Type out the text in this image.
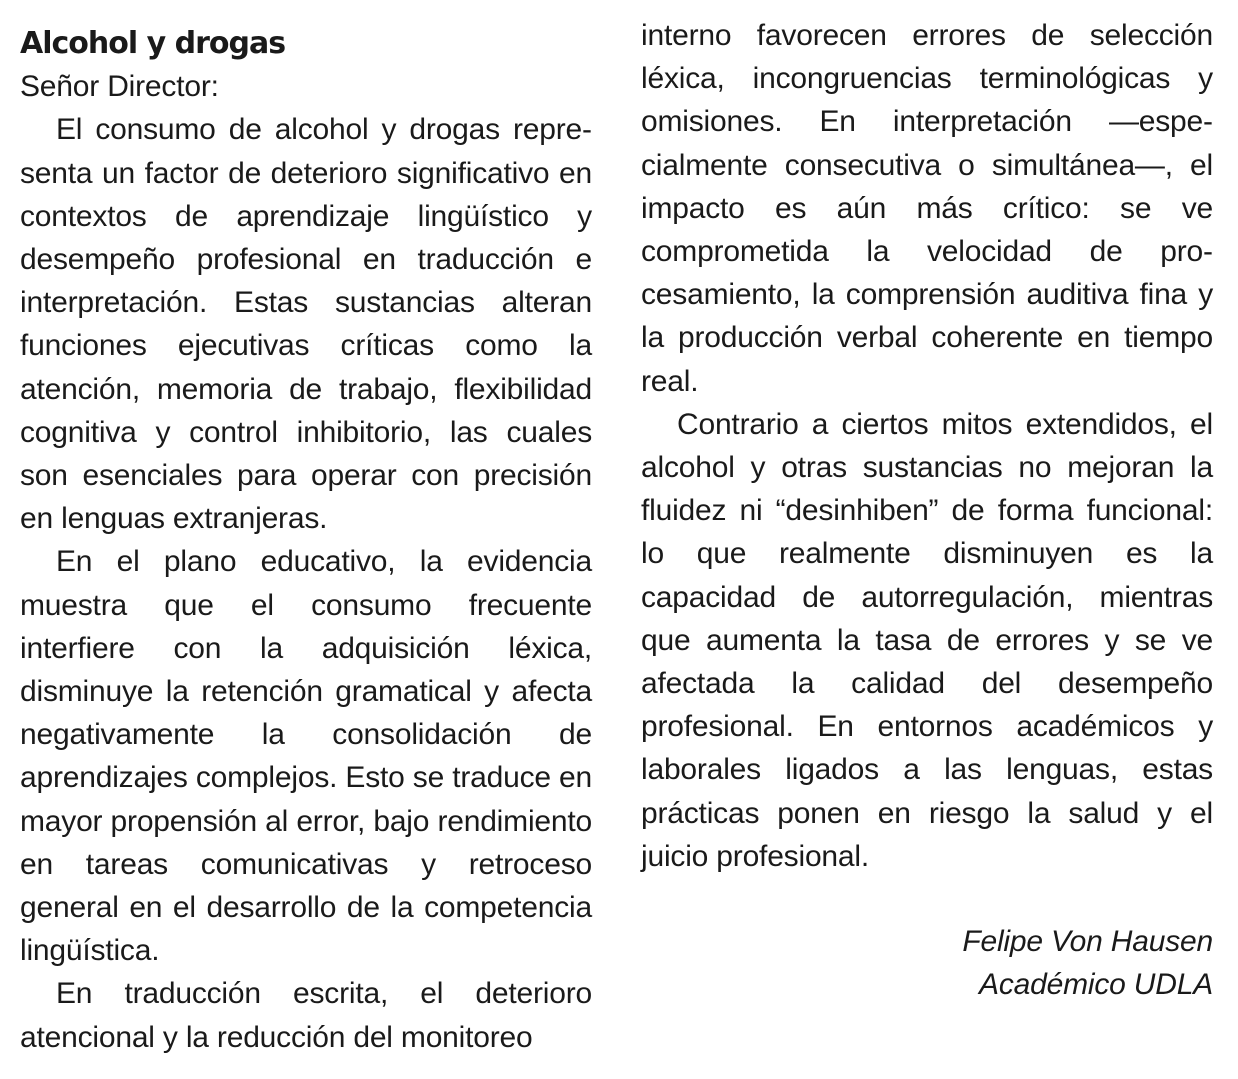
Alcohol y drogas
Señor Director:

El consumo de alcohol y drogas representa un factor de deterioro significativo en contextos de aprendizaje lingüístico y desempeño profesional en traducción e interpretación. Estas sustancias alteran funciones ejecutivas críticas como la atención, memoria de trabajo, flexibilidad cognitiva y control inhibitorio, las cuales son esenciales para operar con precisión en lenguas extranjeras.

En el plano educativo, la evidencia muestra que el consumo frecuente interfiere con la adquisición léxica, disminuye la retención gramatical y afecta negativamente la consolidación de aprendizajes complejos. Esto se traduce en mayor propensión al error, bajo rendimiento en tareas comunicativas y retroceso general en el desarrollo de la competencia lingüística.

En traducción escrita, el deterioro atencional y la reducción del monitoreo

interno favorecen errores de selección léxica, incongruencias terminológicas y omisiones. En interpretación —especialmente consecutiva o simultánea—, el impacto es aún más crítico: se ve comprometida la velocidad de procesamiento, la comprensión auditiva fina y la producción verbal coherente en tiempo real.

Contrario a ciertos mitos extendidos, el alcohol y otras sustancias no mejoran la fluidez ni “desinhiben” de forma funcional: lo que realmente disminuyen es la capacidad de autorregulación, mientras que aumenta la tasa de errores y se ve afectada la calidad del desempeño profesional. En entornos académicos y laborales ligados a las lenguas, estas prácticas ponen en riesgo la salud y el juicio profesional.

Felipe Von Hausen
Académico UDLA
